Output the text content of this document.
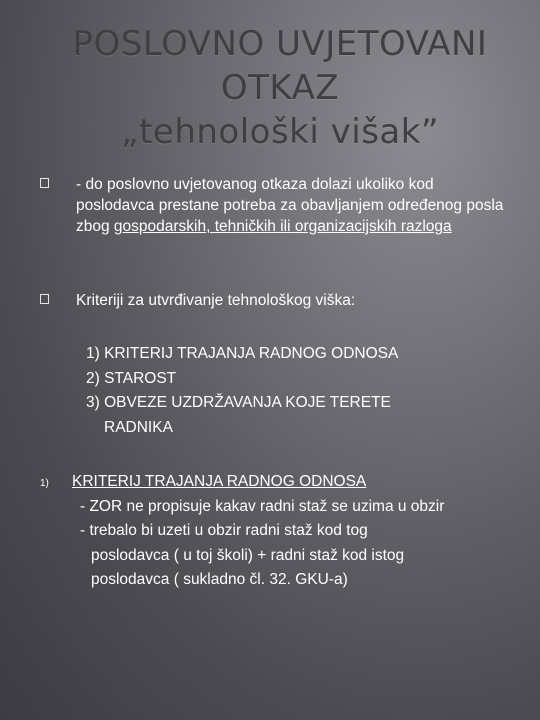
POSLOVNO UVJETOVANI
OTKAZ
„tehnološki višak”
- do poslovno uvjetovanog otkaza dolazi ukoliko kod poslodavca prestane potreba za obavljanjem određenog posla zbog gospodarskih, tehničkih ili organizacijskih razloga
Kriteriji za utvrđivanje tehnološkog viška:
1) KRITERIJ TRAJANJA RADNOG ODNOSA
2) STAROST
3) OBVEZE UZDRŽAVANJA KOJE TERETE
RADNIKA
1) KRITERIJ TRAJANJA RADNOG ODNOSA
- ZOR ne propisuje kakav radni staž se uzima u obzir
- trebalo bi uzeti u obzir radni staž kod tog
poslodavca ( u toj školi) + radni staž kod istog
poslodavca ( sukladno čl. 32. GKU-a)
